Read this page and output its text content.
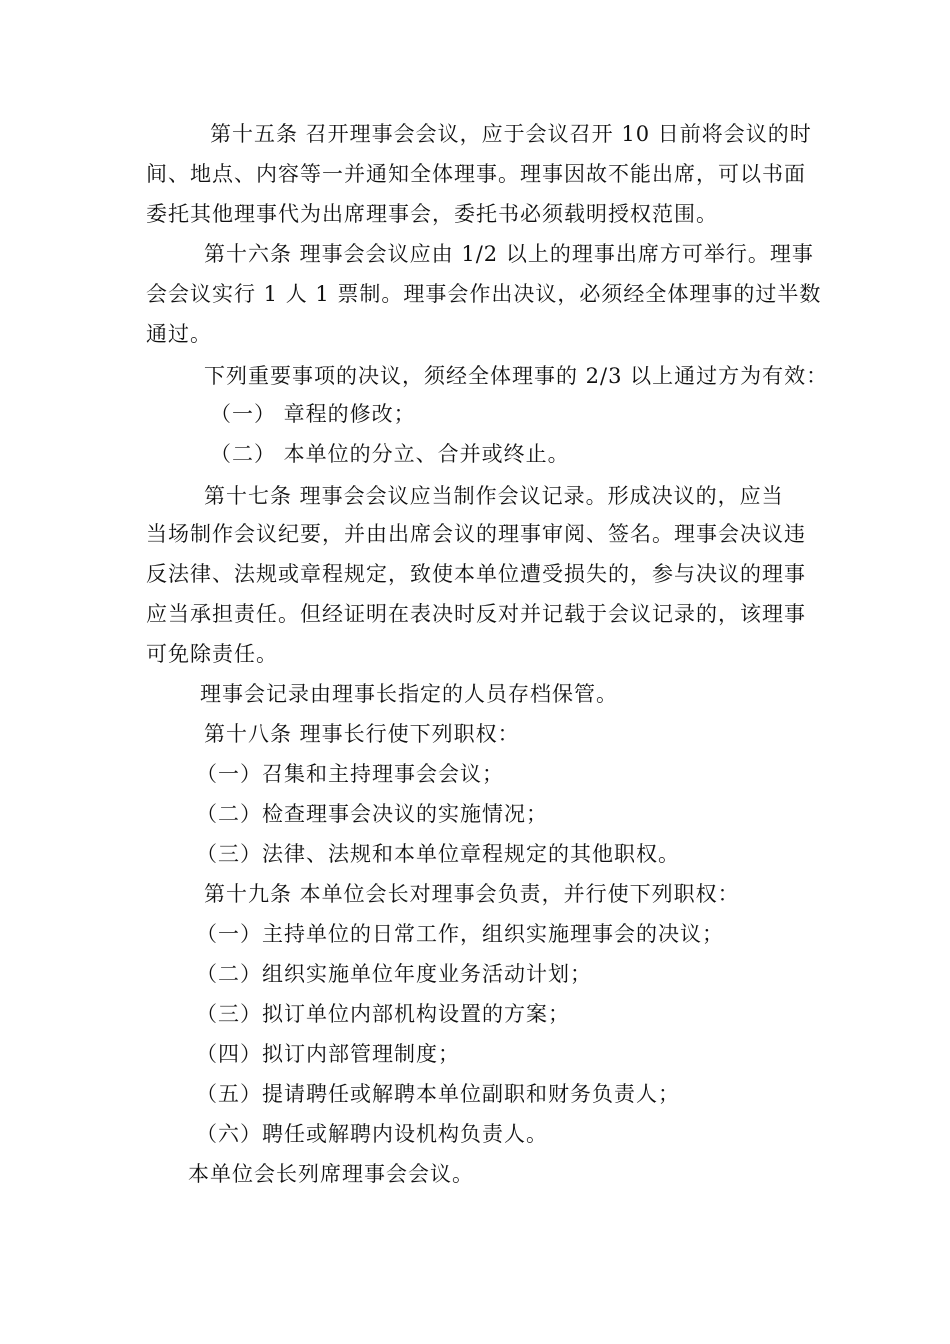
第十五条 召开理事会会议，应于会议召开 10 日前将会议的时
间、地点、内容等一并通知全体理事。理事因故不能出席，可以书面
委托其他理事代为出席理事会，委托书必须载明授权范围。
第十六条 理事会会议应由 1/2 以上的理事出席方可举行。理事
会会议实行 1 人 1 票制。理事会作出决议，必须经全体理事的过半数
通过。
下列重要事项的决议，须经全体理事的 2/3 以上通过方为有效：
（一） 章程的修改；
（二） 本单位的分立、合并或终止。
第十七条 理事会会议应当制作会议记录。形成决议的，应当
当场制作会议纪要，并由出席会议的理事审阅、签名。理事会决议违
反法律、法规或章程规定，致使本单位遭受损失的，参与决议的理事
应当承担责任。但经证明在表决时反对并记载于会议记录的，该理事
可免除责任。
理事会记录由理事长指定的人员存档保管。
第十八条 理事长行使下列职权：
（一）召集和主持理事会会议；
（二）检查理事会决议的实施情况；
（三）法律、法规和本单位章程规定的其他职权。
第十九条 本单位会长对理事会负责，并行使下列职权：
（一）主持单位的日常工作，组织实施理事会的决议；
（二）组织实施单位年度业务活动计划；
（三）拟订单位内部机构设置的方案；
（四）拟订内部管理制度；
（五）提请聘任或解聘本单位副职和财务负责人；
（六）聘任或解聘内设机构负责人。
本单位会长列席理事会会议。
